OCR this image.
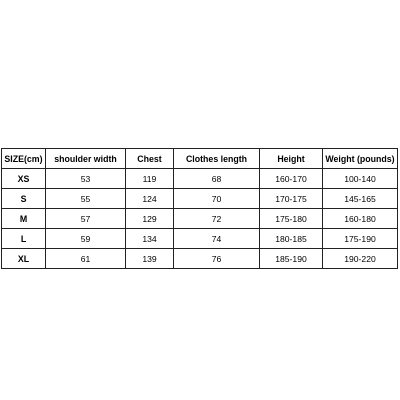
SIZE(cm)	shoulder width	Chest	Clothes length	Height	Weight (pounds)
XS	53	119	68	160-170	100-140
S	55	124	70	170-175	145-165
M	57	129	72	175-180	160-180
L	59	134	74	180-185	175-190
XL	61	139	76	185-190	190-220
